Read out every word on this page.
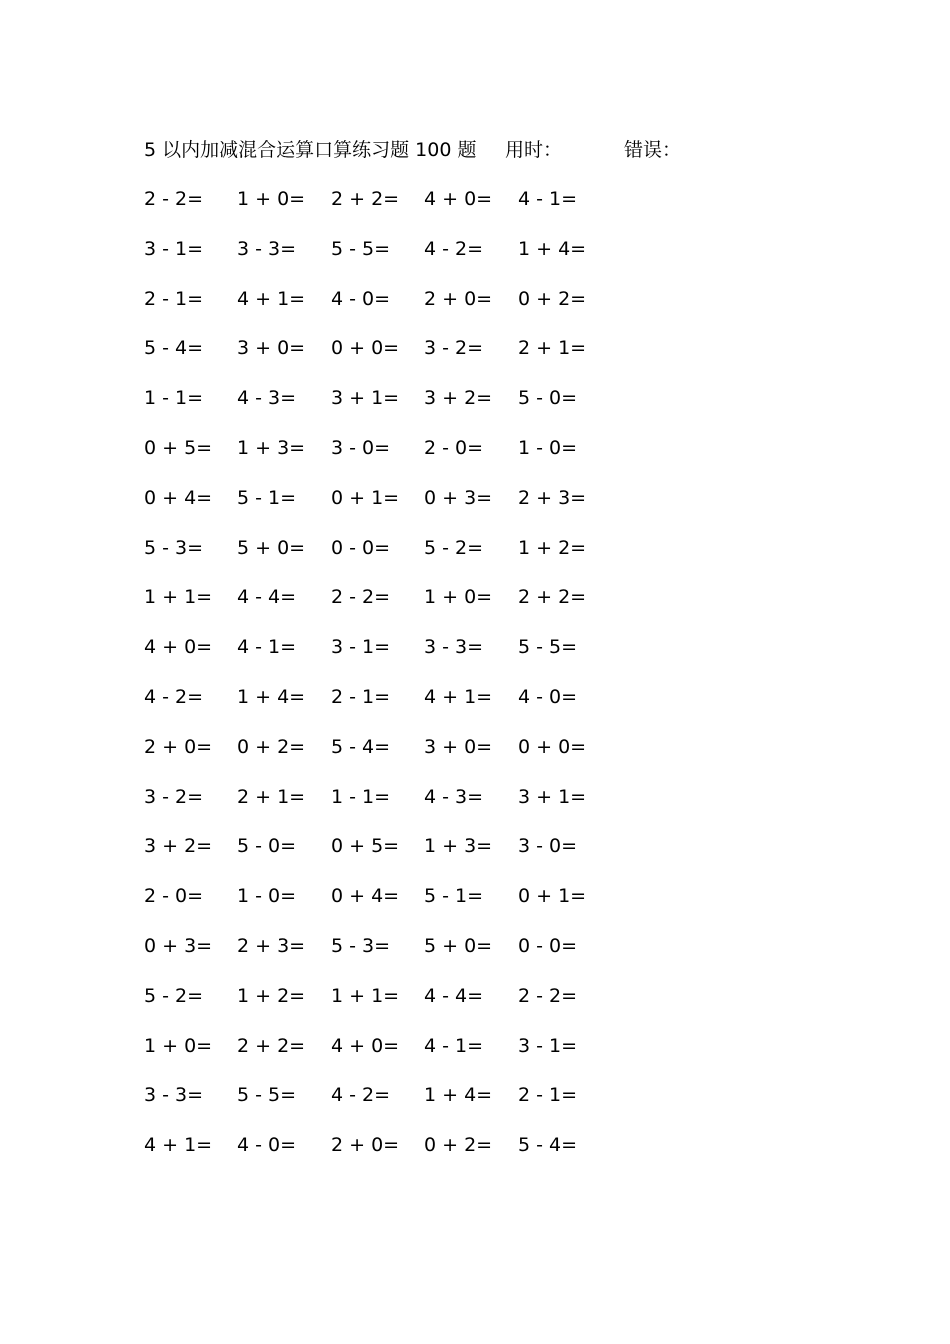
5 以内加减混合运算口算练习题 100 题 用时：	错误：
2 - 2= 1 + 0= 2 + 2= 4 + 0= 4 - 1=
3 - 1= 3 - 3= 5 - 5= 4 - 2= 1 + 4=
2 - 1= 4 + 1= 4 - 0= 2 + 0= 0 + 2=
5 - 4= 3 + 0= 0 + 0= 3 - 2= 2 + 1=
1 - 1= 4 - 3= 3 + 1= 3 + 2= 5 - 0=
0 + 5= 1 + 3= 3 - 0= 2 - 0= 1 - 0=
0 + 4= 5 - 1= 0 + 1= 0 + 3= 2 + 3=
5 - 3= 5 + 0= 0 - 0= 5 - 2= 1 + 2=
1 + 1= 4 - 4= 2 - 2= 1 + 0= 2 + 2=
4 + 0= 4 - 1= 3 - 1= 3 - 3= 5 - 5=
4 - 2= 1 + 4= 2 - 1= 4 + 1= 4 - 0=
2 + 0= 0 + 2= 5 - 4= 3 + 0= 0 + 0=
3 - 2= 2 + 1= 1 - 1= 4 - 3= 3 + 1=
3 + 2= 5 - 0= 0 + 5= 1 + 3= 3 - 0=
2 - 0= 1 - 0= 0 + 4= 5 - 1= 0 + 1=
0 + 3= 2 + 3= 5 - 3= 5 + 0= 0 - 0=
5 - 2= 1 + 2= 1 + 1= 4 - 4= 2 - 2=
1 + 0= 2 + 2= 4 + 0= 4 - 1= 3 - 1=
3 - 3= 5 - 5= 4 - 2= 1 + 4= 2 - 1=
4 + 1= 4 - 0= 2 + 0= 0 + 2= 5 - 4=
